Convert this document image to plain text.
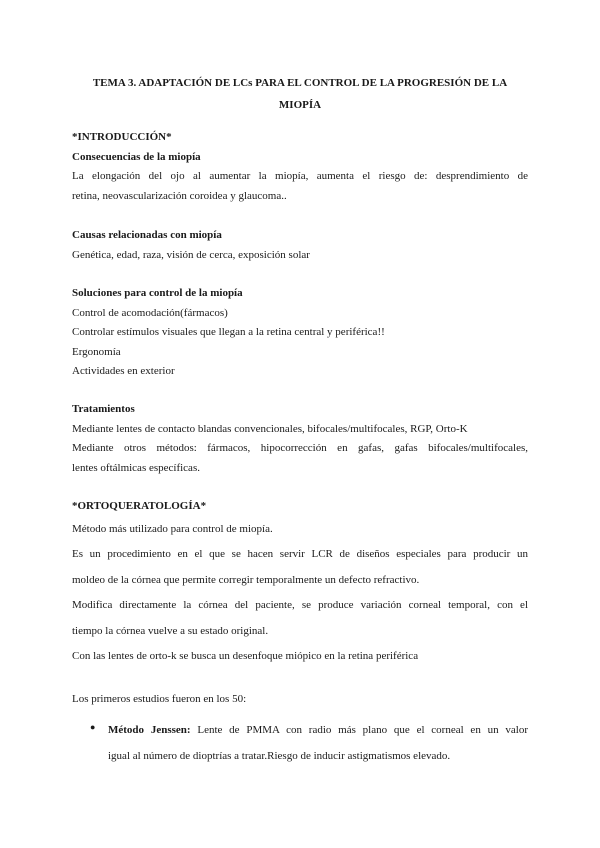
TEMA 3. ADAPTACIÓN DE LCs PARA EL CONTROL DE LA PROGRESIÓN DE LA
MIOPÍA
*INTRODUCCIÓN*
Consecuencias de la miopía
La elongación del ojo al aumentar la miopía, aumenta el riesgo de: desprendimiento de
retina, neovascularización coroidea y glaucoma..
Causas relacionadas con miopía
Genética, edad, raza, visión de cerca, exposición solar
Soluciones para control de la miopía
Control de acomodación(fármacos)
Controlar estímulos visuales que llegan a la retina central y periférica!!
Ergonomía
Actividades en exterior
Tratamientos
Mediante lentes de contacto blandas convencionales, bifocales/multifocales, RGP, Orto-K
Mediante otros métodos: fármacos, hipocorrección en gafas, gafas bifocales/multifocales,
lentes oftálmicas específicas.
*ORTOQUERATOLOGÍA*
Método más utilizado para control de miopía.
Es un procedimiento en el que se hacen servir LCR de diseños especiales para producir un
moldeo de la córnea que permite corregir temporalmente un defecto refractivo.
Modifica directamente la córnea del paciente, se produce variación corneal temporal, con el
tiempo la córnea vuelve a su estado original.
Con las lentes de orto-k se busca un desenfoque miópico en la retina periférica
Los primeros estudios fueron en los 50:
● Método Jenssen: Lente de PMMA con radio más plano que el corneal en un valor
igual al número de dioptrías a tratar.Riesgo de inducir astigmatismos elevado.
